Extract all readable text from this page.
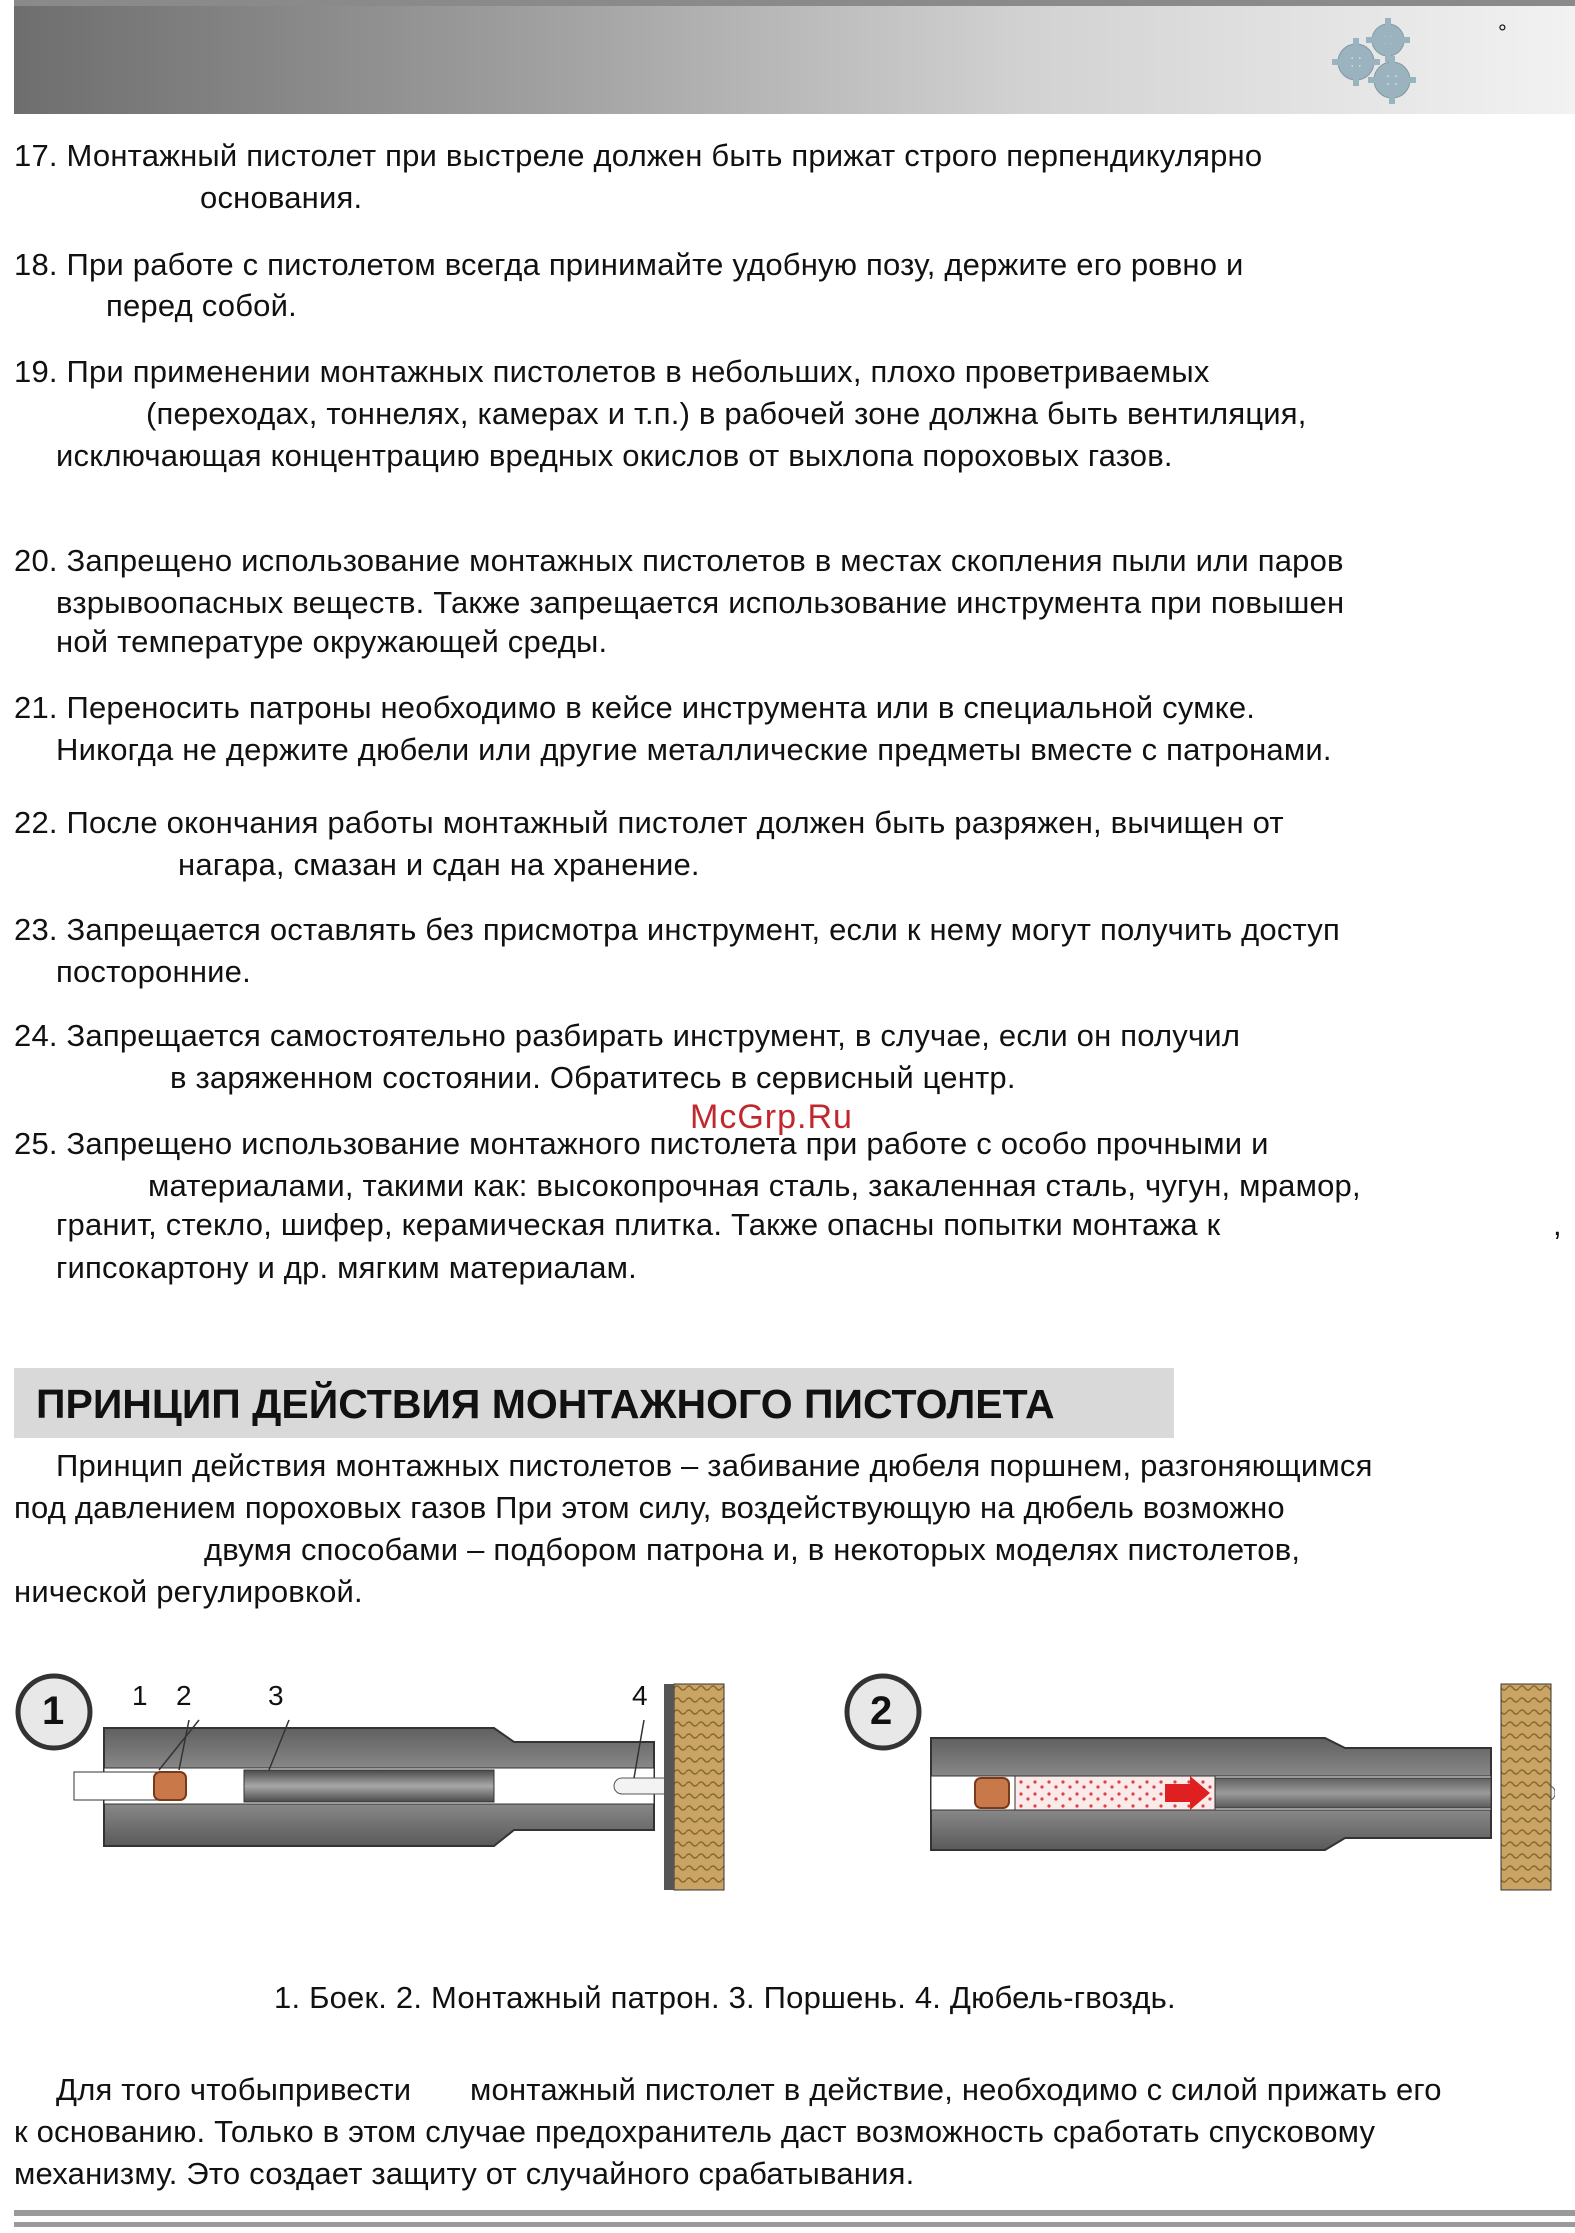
°
17. Монтажный пистолет при выстреле должен быть прижат строго перпендикулярно
основания.
18. При работе с пистолетом всегда принимайте удобную позу, держите его ровно и
перед собой.
19. При применении монтажных пистолетов в небольших, плохо проветриваемых
(переходах, тоннелях, камерах и т.п.) в рабочей зоне должна быть вентиляция,
исключающая концентрацию вредных окислов от выхлопа пороховых газов.
20. Запрещено использование монтажных пистолетов в местах скопления пыли или паров
взрывоопасных веществ. Также запрещается использование инструмента при повышен
ной температуре окружающей среды.
21. Переносить патроны необходимо в кейсе инструмента или в специальной сумке.
Никогда не держите дюбели или другие металлические предметы вместе с патронами.
22. После окончания работы монтажный пистолет должен быть разряжен, вычищен от
нагара, смазан и сдан на хранение.
23. Запрещается оставлять без присмотра инструмент, если к нему могут получить доступ
посторонние.
24. Запрещается самостоятельно разбирать инструмент, в случае, если он получил
в заряженном состоянии. Обратитесь в сервисный центр.
McGrp.Ru
25. Запрещено использование монтажного пистолета при работе с особо прочными и
материалами, такими как: высокопрочная сталь, закаленная сталь, чугун, мрамор,
гранит, стекло, шифер, керамическая плитка. Также опасны попытки монтажа к	,
гипсокартону и др. мягким материалам.
ПРИНЦИП ДЕЙСТВИЯ МОНТАЖНОГО ПИСТОЛЕТА
Принцип действия монтажных пистолетов – забивание дюбеля поршнем, разгоняющимся
под давлением пороховых газов При этом силу, воздействующую на дюбель возможно
двумя способами – подбором патрона и, в некоторых моделях пистолетов,
нической регулировкой.
1 1 2	3	4	2
1. Боек. 2. Монтажный патрон. 3. Поршень. 4. Дюбель-гвоздь.
Для того чтобы привести монтажный пистолет в действие, необходимо с силой прижать его
к основанию. Только в этом случае предохранитель даст возможность сработать спусковому
механизму. Это создает защиту от случайного срабатывания.
